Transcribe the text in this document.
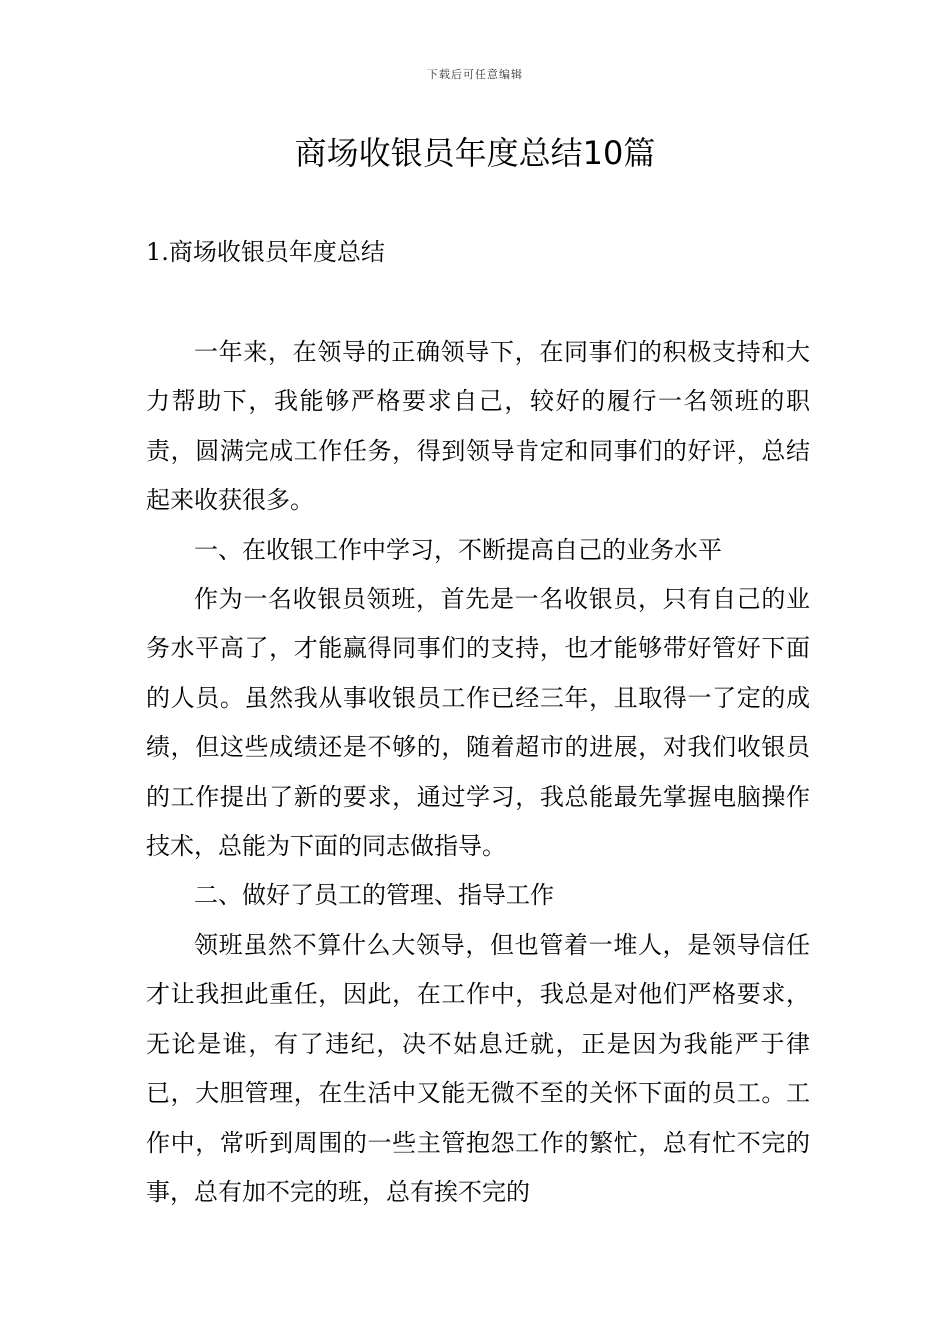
下载后可任意编辑
商场收银员年度总结10篇
1.商场收银员年度总结

一年来，在领导的正确领导下，在同事们的积极支持和大力帮助下，我能够严格要求自己，较好的履行一名领班的职责，圆满完成工作任务，得到领导肯定和同事们的好评，总结起来收获很多。

一、在收银工作中学习，不断提高自己的业务水平

作为一名收银员领班，首先是一名收银员，只有自己的业务水平高了，才能赢得同事们的支持，也才能够带好管好下面的人员。虽然我从事收银员工作已经三年，且取得一了定的成绩，但这些成绩还是不够的，随着超市的进展，对我们收银员的工作提出了新的要求，通过学习，我总能最先掌握电脑操作技术，总能为下面的同志做指导。

二、做好了员工的管理、指导工作

领班虽然不算什么大领导，但也管着一堆人，是领导信任才让我担此重任，因此，在工作中，我总是对他们严格要求，无论是谁，有了违纪，决不姑息迁就，正是因为我能严于律已，大胆管理，在生活中又能无微不至的关怀下面的员工。工作中，常听到周围的一些主管抱怨工作的繁忙，总有忙不完的事，总有加不完的班，总有挨不完的
